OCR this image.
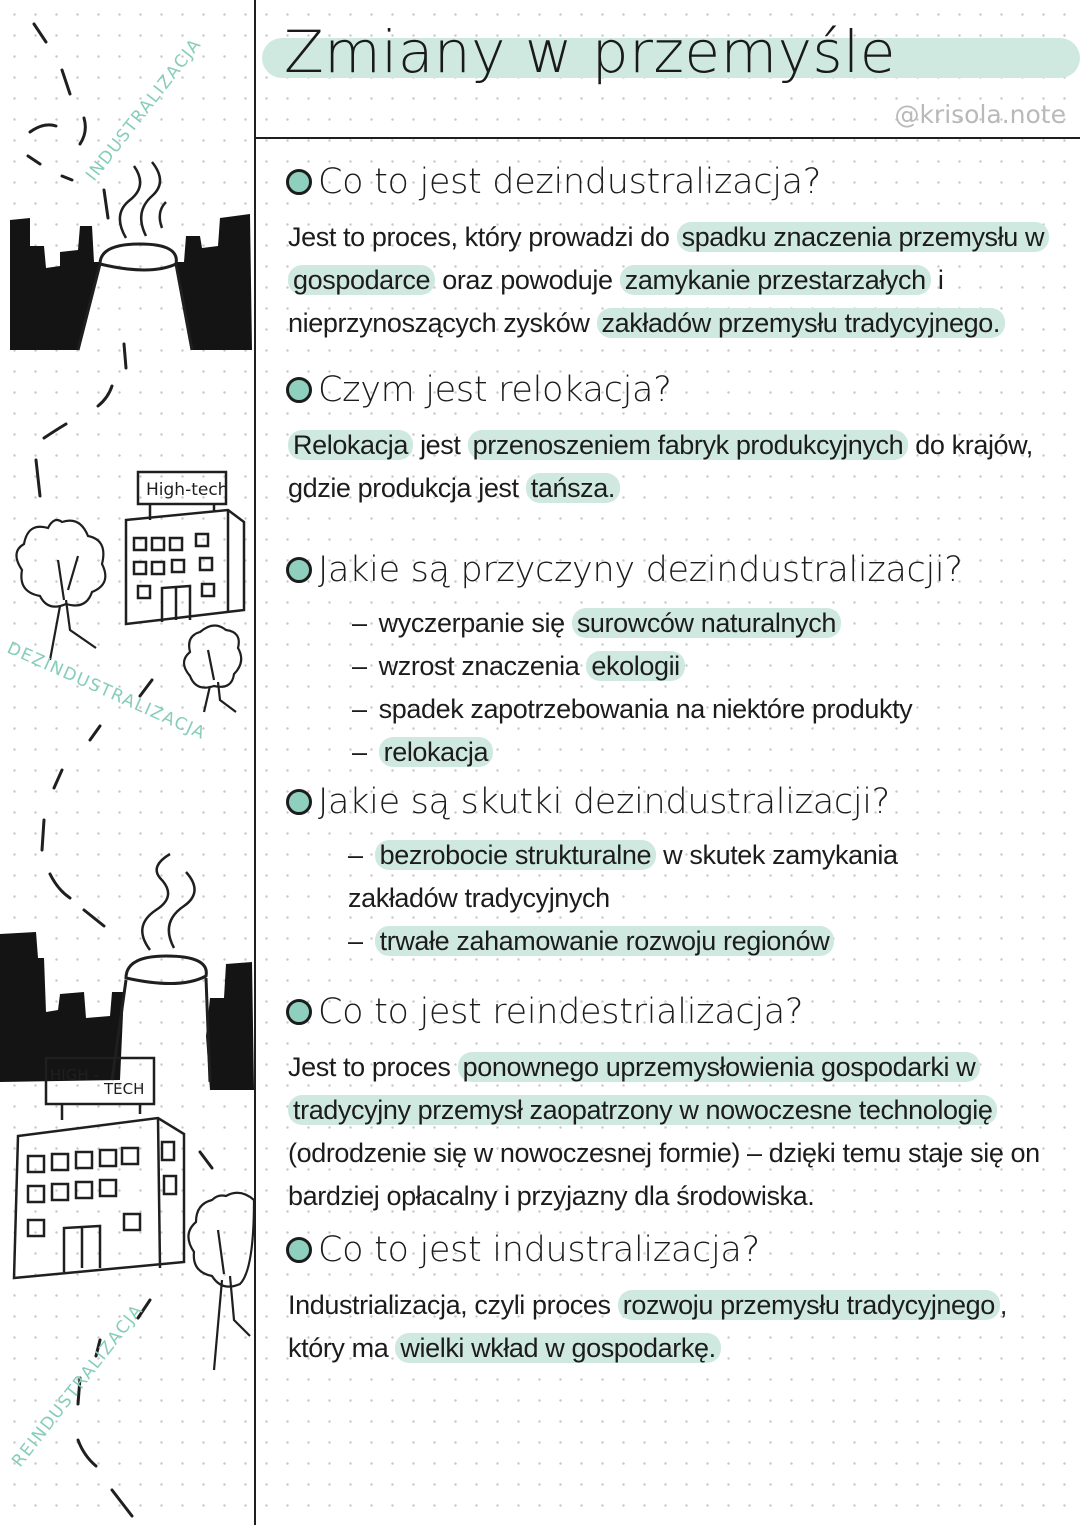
High-tech
HIGH -
TECH
INDUSTRALIZACJA
DEZINDUSTRALIZACJA
REINDUSTRALIZACJA
Zmiany w przemyśle
@krisola.note
Co to jest dezindustralizacja?
Jest to proces, który prowadzi do spadku znaczenia przemysłu w gospodarce oraz powoduje zamykanie przestarzałych i nieprzynoszących zysków zakładów przemysłu tradycyjnego.
Czym jest relokacja?
Relokacja jest przenoszeniem fabryk produkcyjnych do krajów, gdzie produkcja jest tańsza.
Jakie są przyczyny dezindustralizacji?
– wyczerpanie się surowców naturalnych
– wzrost znaczenia ekologii
– spadek zapotrzebowania na niektóre produkty
– relokacja
Jakie są skutki dezindustralizacji?
– bezrobocie strukturalne w skutek zamykania
zakładów tradycyjnych
– trwałe zahamowanie rozwoju regionów
Co to jest reindestrializacja?
Jest to proces ponownego uprzemysłowienia gospodarki w tradycyjny przemysł zaopatrzony w nowoczesne technologię (odrodzenie się w nowoczesnej formie) – dzięki temu staje się on bardziej opłacalny i przyjazny dla środowiska.
Co to jest industralizacja?
Industrializacja, czyli proces rozwoju przemysłu tradycyjnego , który ma wielki wkład w gospodarkę.
